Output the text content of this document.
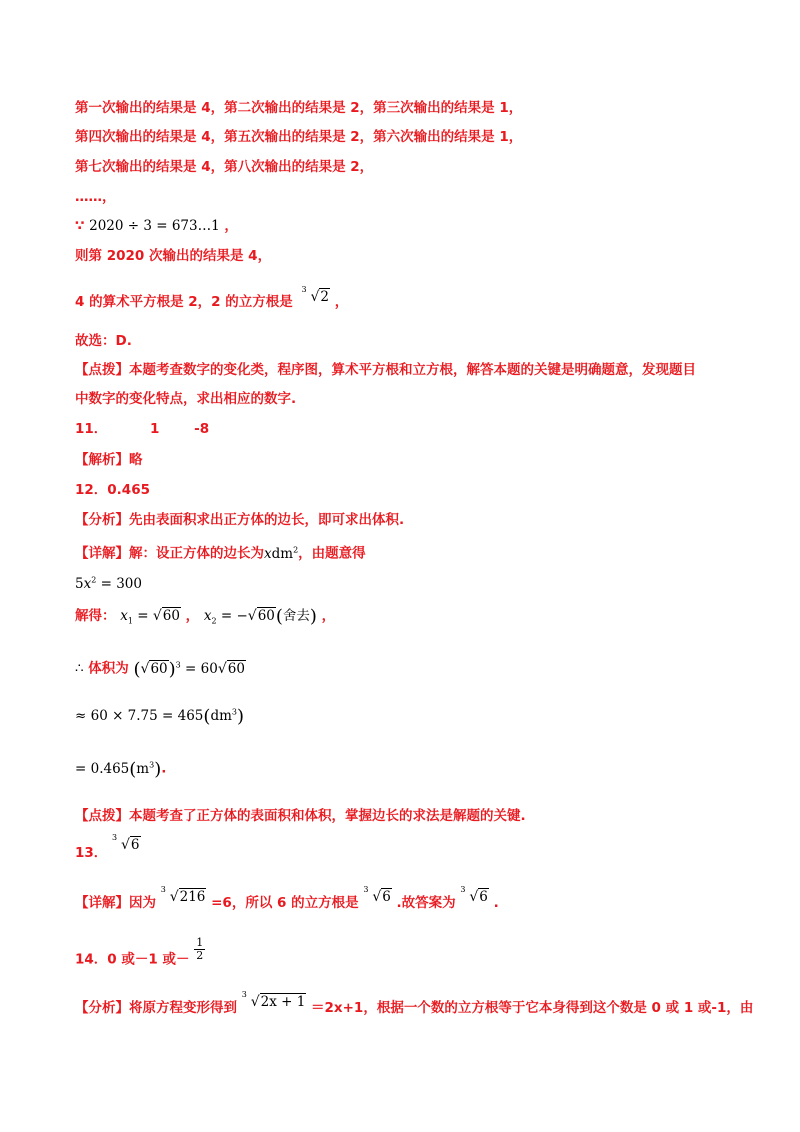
第一次输出的结果是 4，第二次输出的结果是 2，第三次输出的结果是 1，
第四次输出的结果是 4，第五次输出的结果是 2，第六次输出的结果是 1，
第七次输出的结果是 4，第八次输出的结果是 2，
……，
∵ 2020 ÷ 3 = 673…1 ，
则第 2020 次输出的结果是 4，
4 的算术平方根是 2，2 的立方根是
3 √2 ，
故选：D.
【点拨】本题考查数字的变化类，程序图，算术平方根和立方根，解答本题的关键是明确题意，发现题目
中数字的变化特点，求出相应的数字.
11．	1	-8
【解析】略
12．0.465
【分析】先由表面积求出正方体的边长，即可求出体积.
【详解】解：设正方体的边长为xdm$^2$，由题意得
$5x^2 = 300$
解得： $x_1 = √60$ ， $x_2 = -√60$(舍去) ，
∴ 体积为 $(√60)^3 = 60√60$
≈ $60 \times 7.75 = 465(dm^3)$
= $0.465(m^3)$.
【点拨】本题考查了正方体的表面积和体积，掌握边长的求法是解题的关键.
13．
3 √6
【详解】因为
3 √216 =6，所以 6 的立方根是
3 √6 .故答案为
3 √6 .
14．0 或－1 或－ $\frac{1}{2}$
【分析】将原方程变形得到
3 √2x + 1 ＝2x+1，根据一个数的立方根等于它本身得到这个数是 0 或 1 或-1，由
